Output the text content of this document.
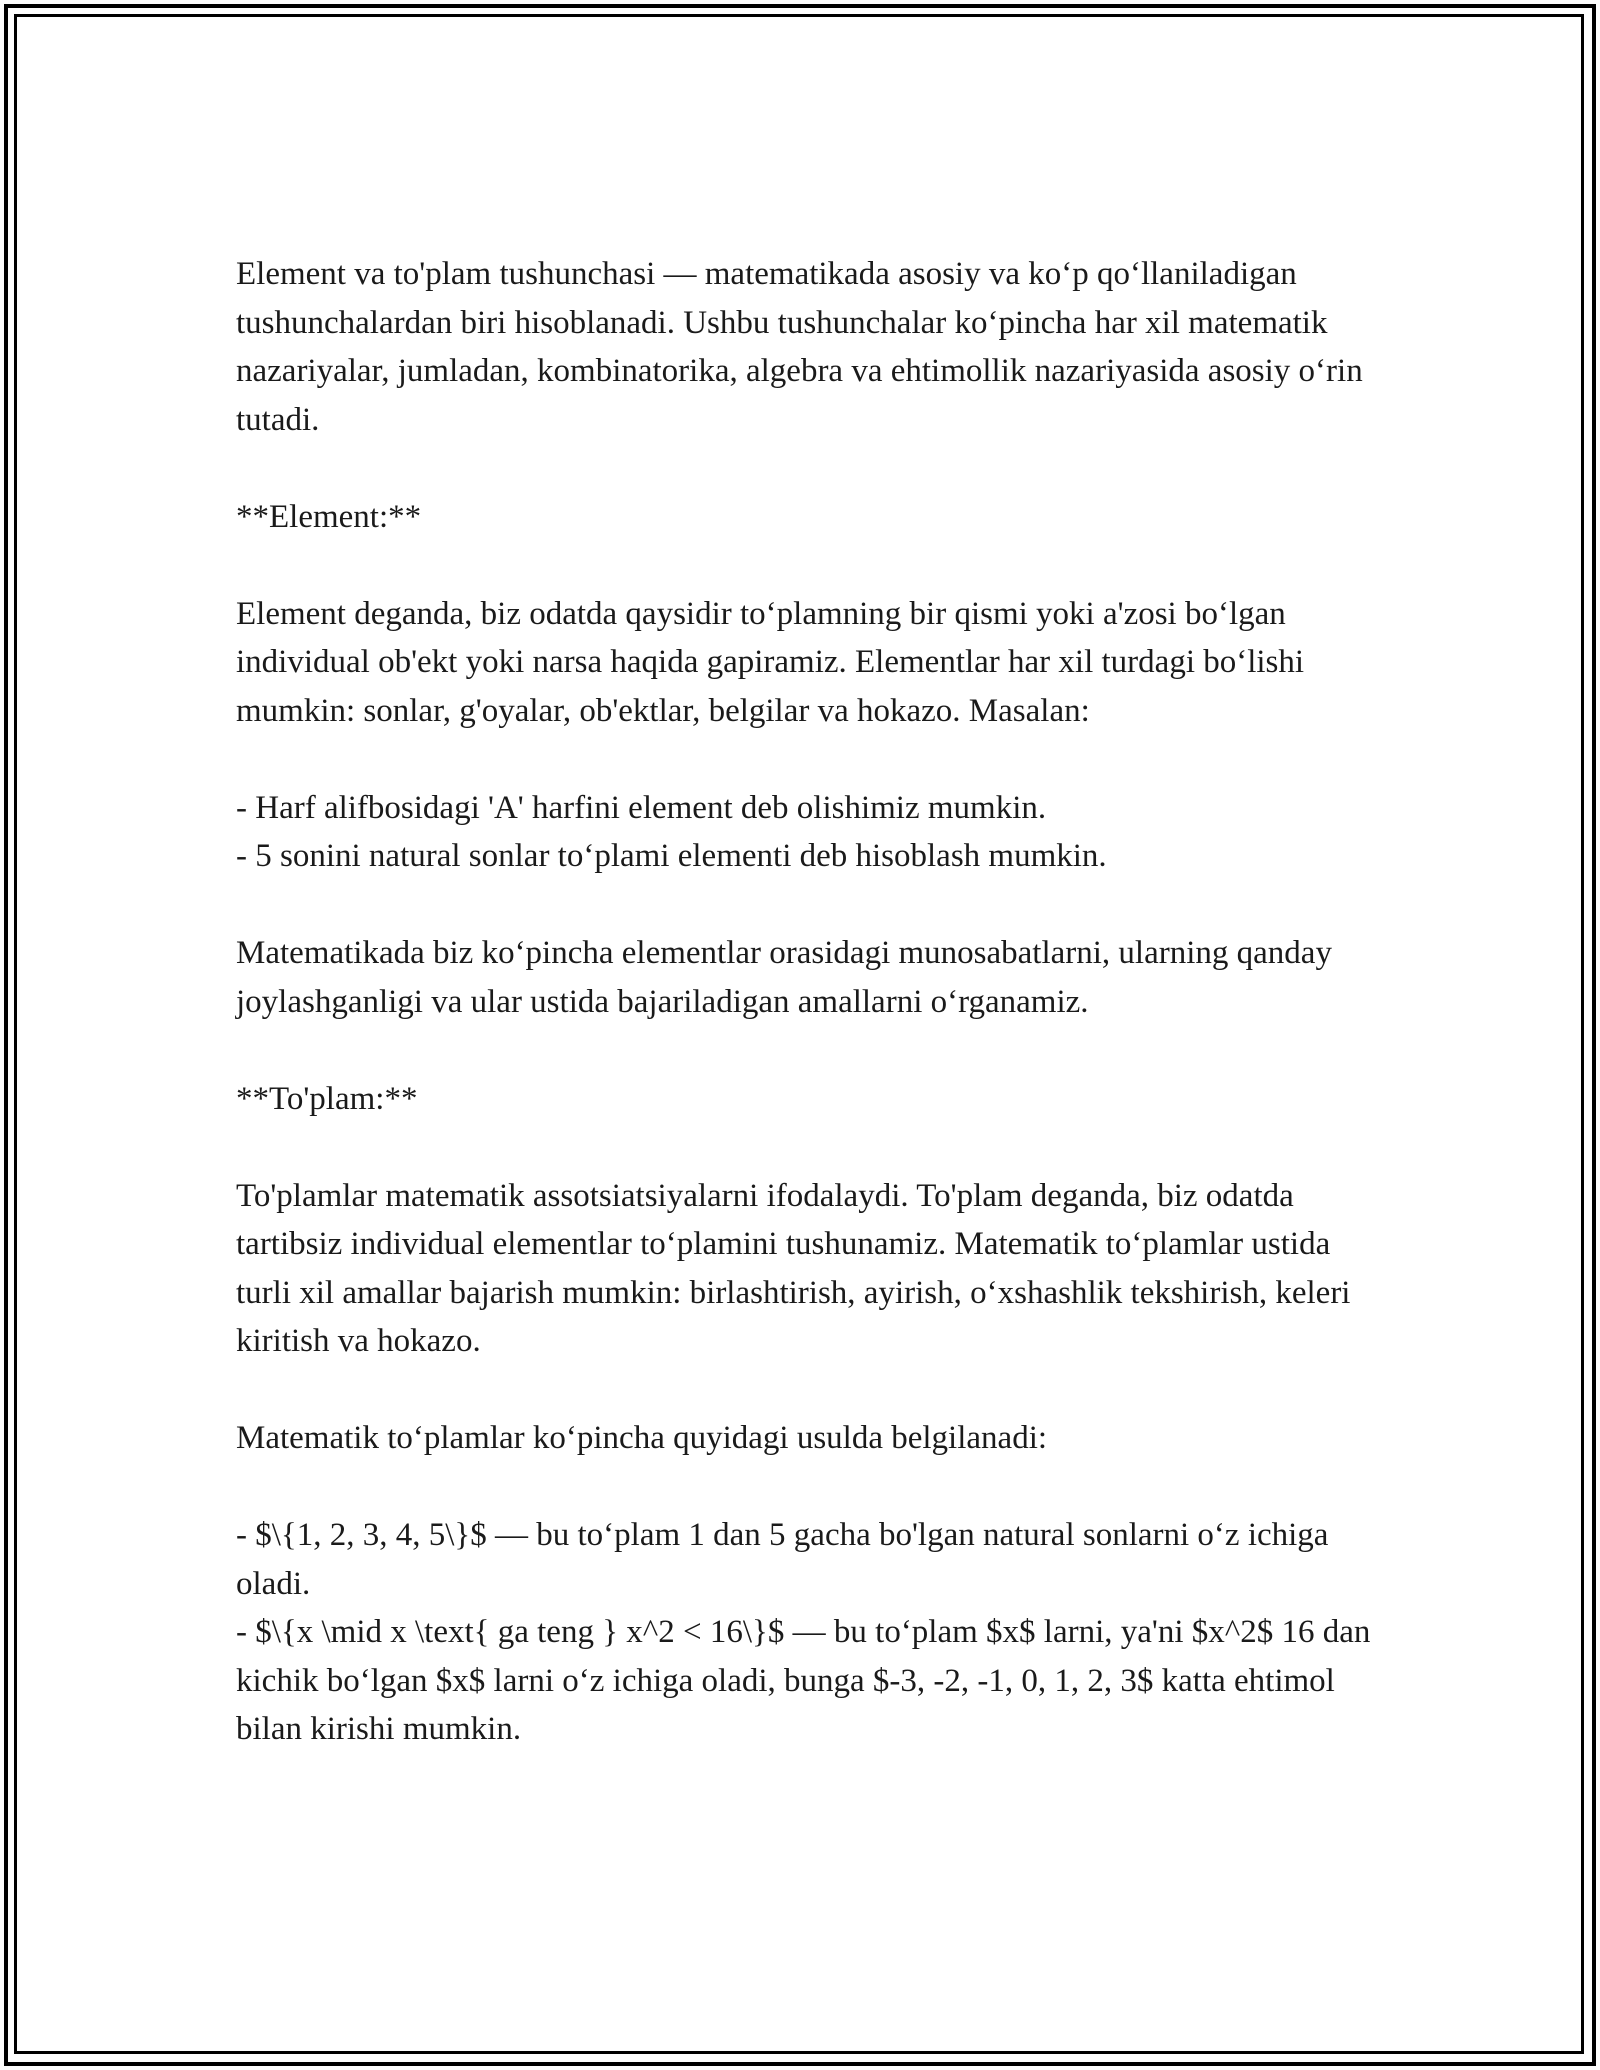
Element va to'plam tushunchasi — matematikada asosiy va ko‘p qo‘llaniladigan tushunchalardan biri hisoblanadi. Ushbu tushunchalar ko‘pincha har xil matematik nazariyalar, jumladan, kombinatorika, algebra va ehtimollik nazariyasida asosiy o‘rin tutadi.

**Element:**

Element deganda, biz odatda qaysidir to‘plamning bir qismi yoki a'zosi bo‘lgan individual ob'ekt yoki narsa haqida gapiramiz. Elementlar har xil turdagi bo‘lishi mumkin: sonlar, g'oyalar, ob'ektlar, belgilar va hokazo. Masalan:

- Harf alifbosidagi 'A' harfini element deb olishimiz mumkin.
- 5 sonini natural sonlar to‘plami elementi deb hisoblash mumkin.

Matematikada biz ko‘pincha elementlar orasidagi munosabatlarni, ularning qanday joylashganligi va ular ustida bajariladigan amallarni o‘rganamiz.

**To'plam:**

To'plamlar matematik assotsiatsiyalarni ifodalaydi. To'plam deganda, biz odatda tartibsiz individual elementlar to‘plamini tushunamiz. Matematik to‘plamlar ustida turli xil amallar bajarish mumkin: birlashtirish, ayirish, o‘xshashlik tekshirish, keleri kiritish va hokazo.

Matematik to‘plamlar ko‘pincha quyidagi usulda belgilanadi:

- $\{1, 2, 3, 4, 5\}$ — bu to‘plam 1 dan 5 gacha bo'lgan natural sonlarni o‘z ichiga oladi.
- $\{x \mid x \text{ ga teng } x^2 < 16\}$ — bu to‘plam $x$ larni, ya'ni $x^2$ 16 dan kichik bo‘lgan $x$ larni o‘z ichiga oladi, bunga $-3, -2, -1, 0, 1, 2, 3$ katta ehtimol bilan kirishi mumkin.
